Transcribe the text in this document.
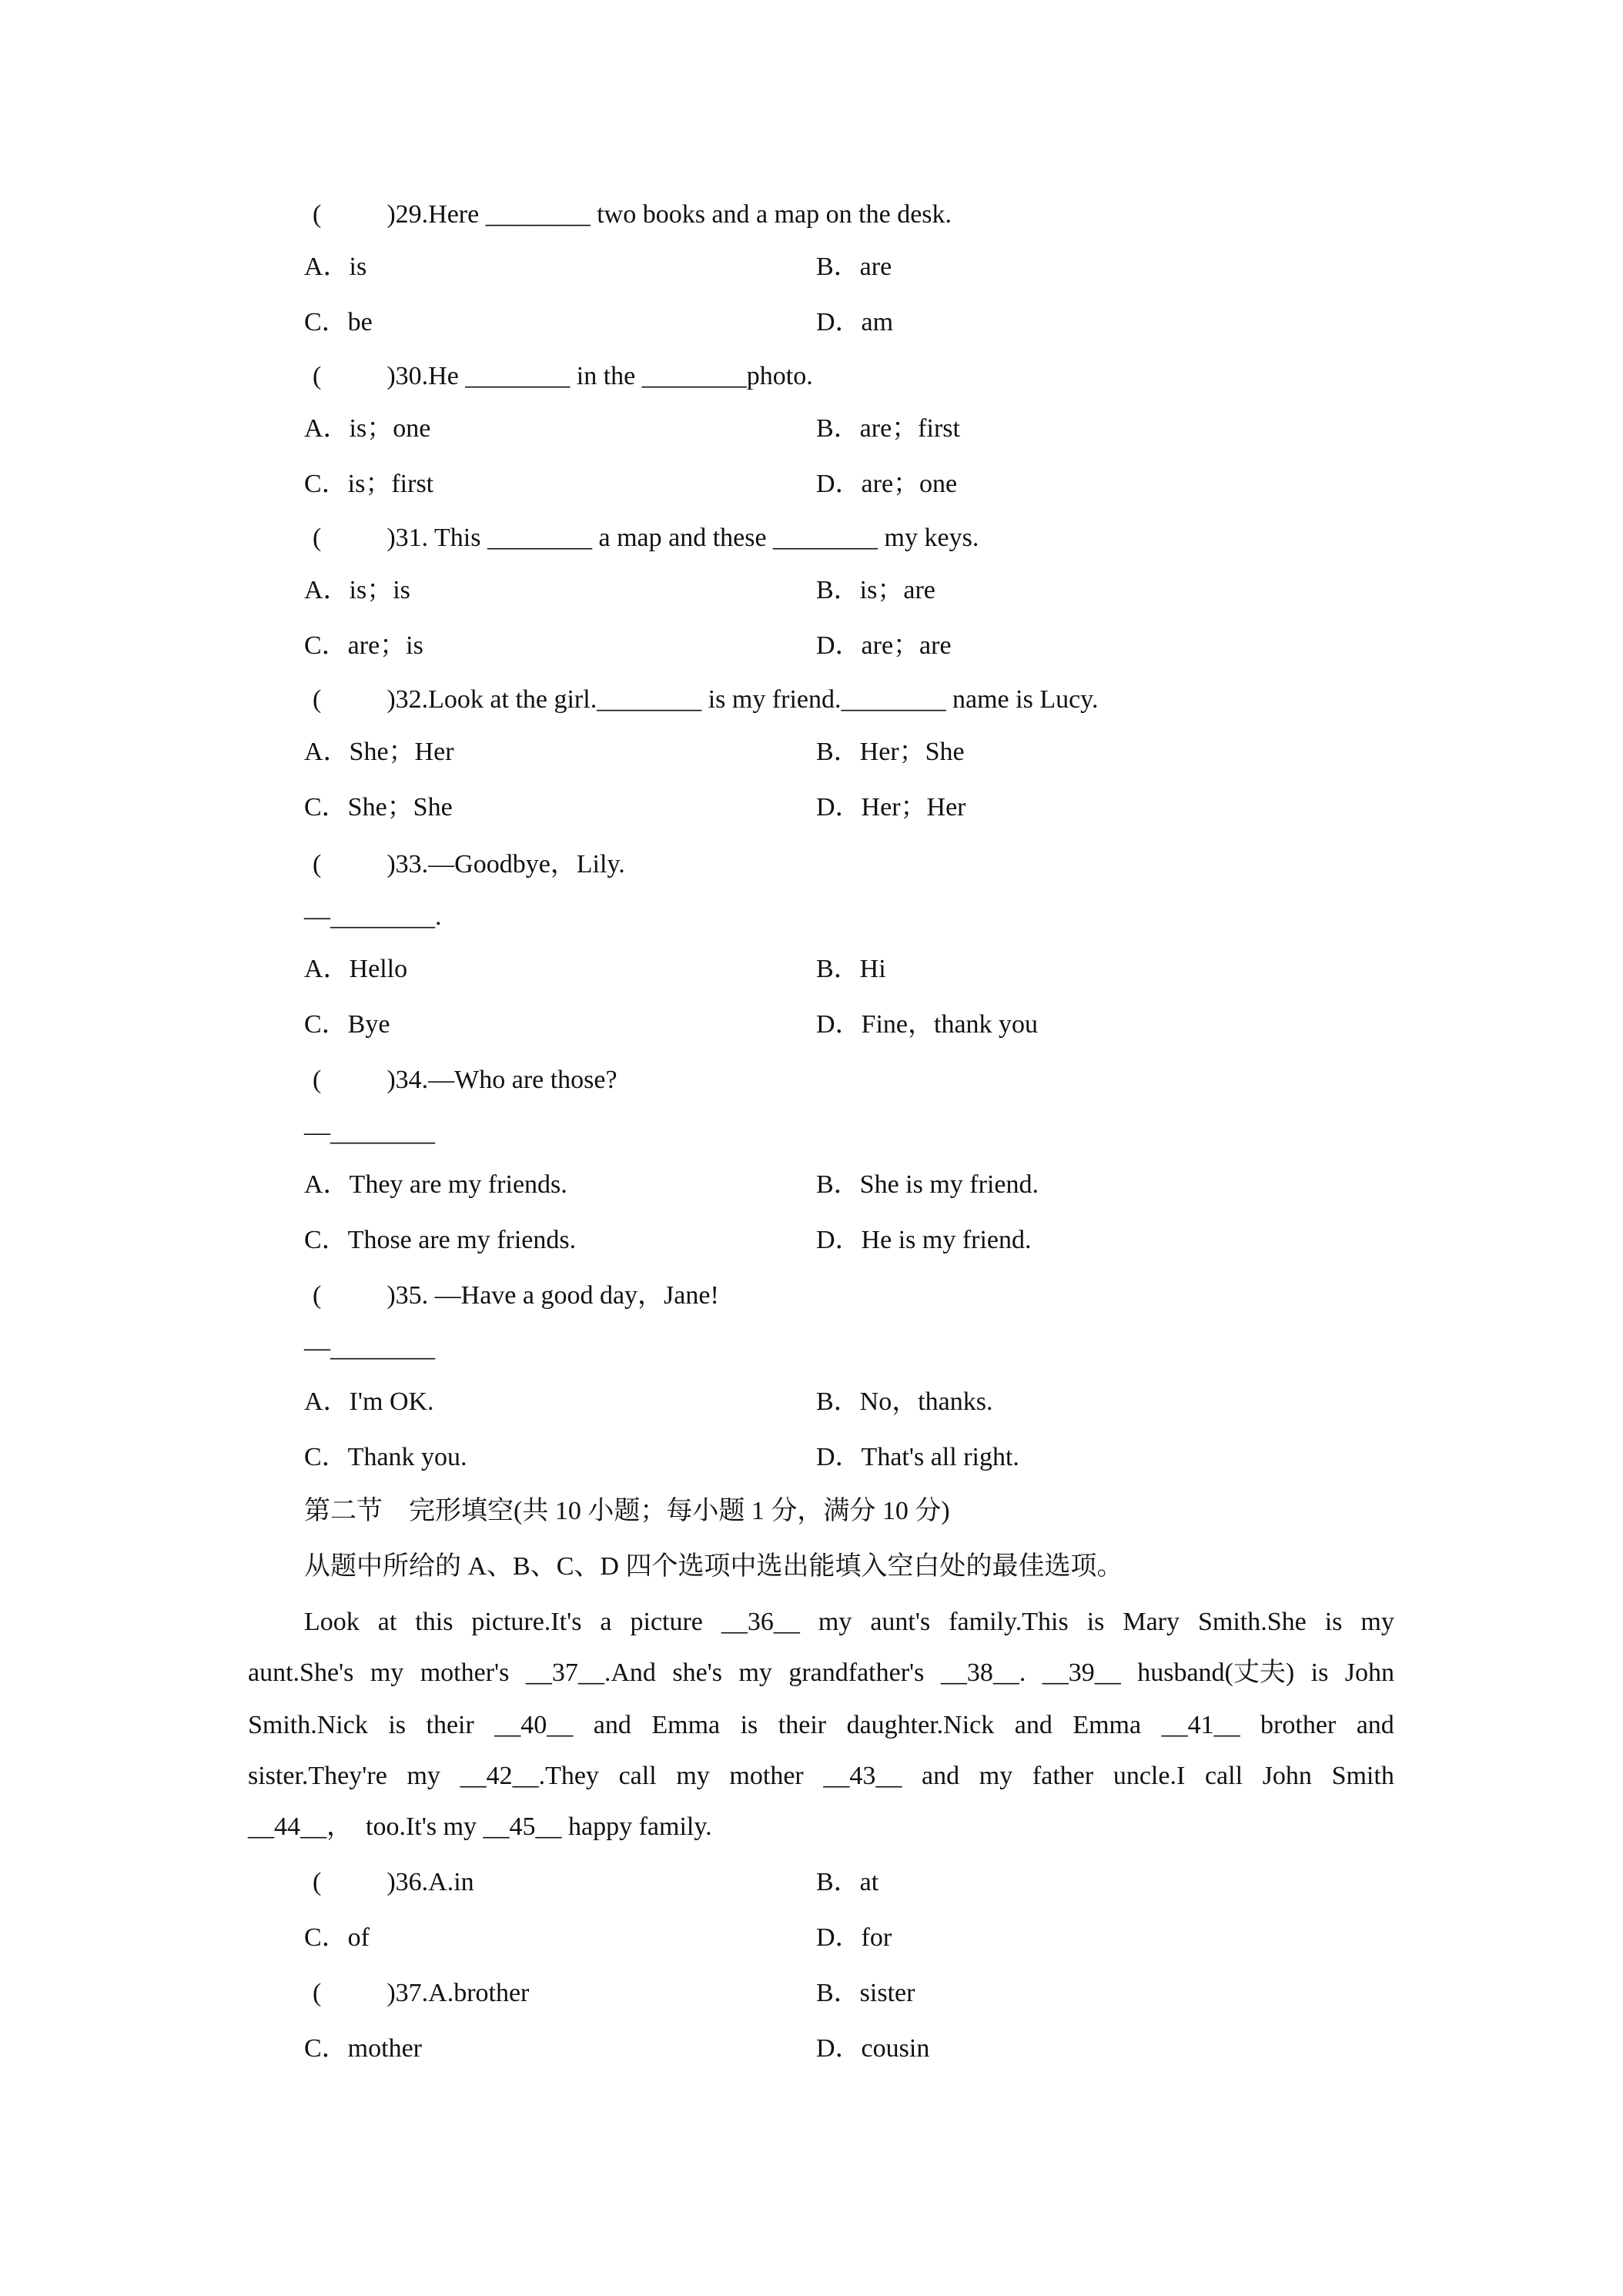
(          )29.Here ________ two books and a map on the desk.
A．is	B．are
C．be	D．am
(          )30.He ________ in the ________photo.
A．is；one	B．are；first
C．is；first	D．are；one
(          )31. This ________ a map and these ________ my keys.
A．is；is	B．is；are
C．are；is	D．are；are
(          )32.Look at the girl.________ is my friend.________ name is Lucy.
A．She；Her	B．Her；She
C．She；She	D．Her；Her
(          )33.—Goodbye，Lily.
—________.
A．Hello	B．Hi
C．Bye	D．Fine，thank you
(          )34.—Who are those?
—________
A．They are my friends.	B．She is my friend.
C．Those are my friends.	D．He is my friend.
(          )35. —Have a good day，Jane!
—________
A．I'm OK.	B．No，thanks.
C．Thank you.	D．That's all right.
第二节　完形填空(共 10 小题；每小题 1 分，满分 10 分)
从题中所给的 A、B、C、D 四个选项中选出能填入空白处的最佳选项。
Look at this picture.It's a picture __36__ my aunt's family.This is Mary Smith.She is my
aunt.She's my mother's __37__.And she's my grandfather's __38__. __39__ husband(丈夫) is John
Smith.Nick is their __40__ and Emma is their daughter.Nick and Emma __41__ brother and
sister.They're my __42__.They call my mother __43__ and my father uncle.I call John Smith
__44__，  too.It's my __45__ happy family.
(          )36.A.in	B．at
C．of	D．for
(          )37.A.brother	B．sister
C．mother	D．cousin
